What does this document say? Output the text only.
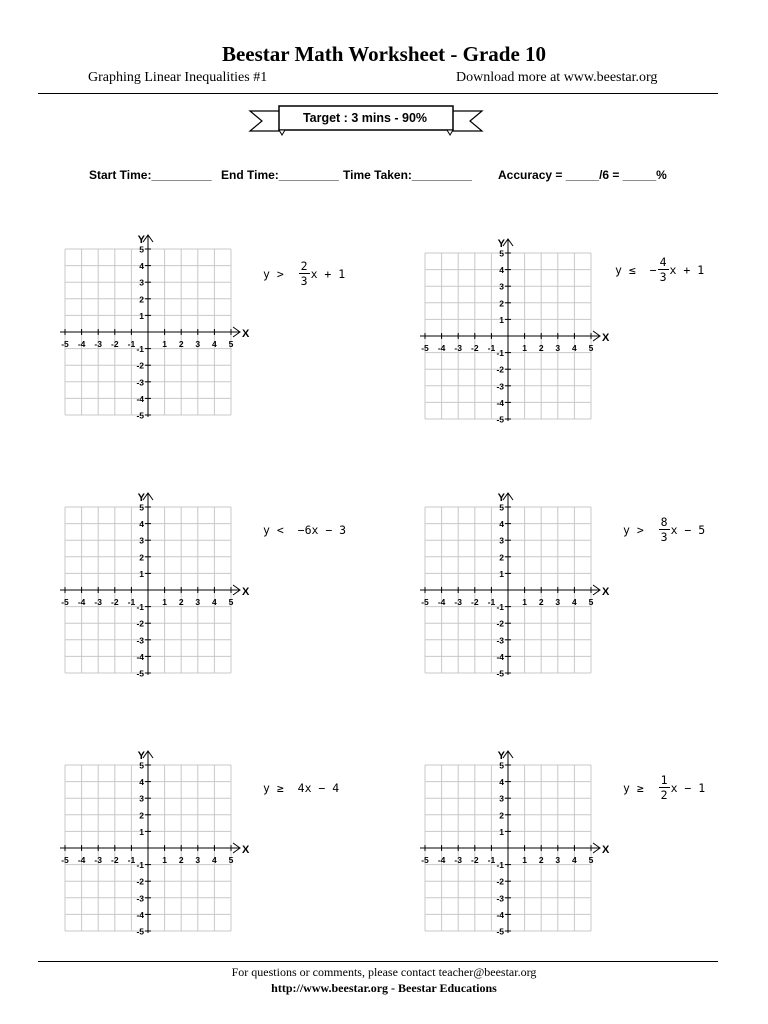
Beestar Math Worksheet - Grade 10
Graphing Linear Inequalities #1	Download more at www.beestar.org
Target : 3 mins - 90%
Start Time:_________ End Time:_________ Time Taken:_________ Accuracy = _____/6 = _____%
-5 -4 -3 -2 -1	1 2 3 4 5
5
4
3
2
1
-1
-2
-3
-4
-5
X
Y
y >
$\frac{2}{3}$ x + 1
-5 -4 -3 -2 -1	1 2 3 4 5
5
4
3
2
1
-1
-2
-3
-4
-5
X
Y
y ≤
− $\frac{4}{3}$ x + 1
-5 -4 -3 -2 -1	1 2 3 4 5
5
4
3
2
1
-1
-2
-3
-4
-5
X
Y
y <
−6x − 3
-5 -4 -3 -2 -1	1 2 3 4 5
5
4
3
2
1
-1
-2
-3
-4
-5
X
Y
y >
$\frac{8}{3}$ x − 5
-5 -4 -3 -2 -1	1 2 3 4 5
5
4
3
2
1
-1
-2
-3
-4
-5
X
Y
y ≥
4x − 4
-5 -4 -3 -2 -1	1 2 3 4 5
5
4
3
2
1
-1
-2
-3
-4
-5
X
Y
y ≥
$\frac{1}{2}$ x − 1
For questions or comments, please contact teacher@beestar.org
http://www.beestar.org - Beestar Educations
